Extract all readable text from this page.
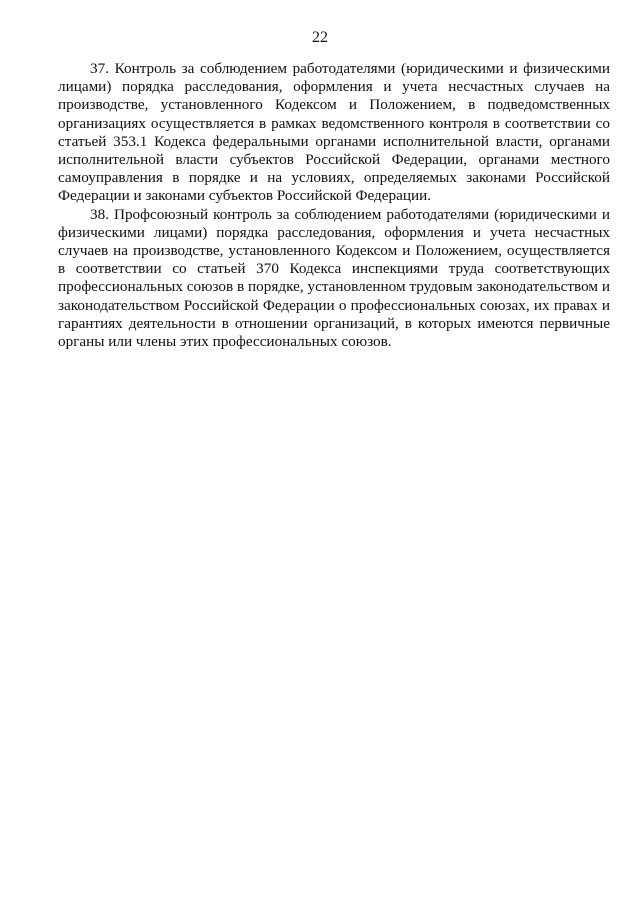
22

37. Контроль за соблюдением работодателями (юридическими и физическими лицами) порядка расследования, оформления и учета несчастных случаев на производстве, установленного Кодексом и Положением, в подведомственных организациях осуществляется в рамках ведомственного контроля в соответствии со статьей 353.1 Кодекса федеральными органами исполнительной власти, органами исполнительной власти субъектов Российской Федерации, органами местного самоуправления в порядке и на условиях, определяемых законами Российской Федерации и законами субъектов Российской Федерации.

38. Профсоюзный контроль за соблюдением работодателями (юридическими и физическими лицами) порядка расследования, оформления и учета несчастных случаев на производстве, установленного Кодексом и Положением, осуществляется в соответствии со статьей 370 Кодекса инспекциями труда соответствующих профессиональных союзов в порядке, установленном трудовым законодательством и законодательством Российской Федерации о профессиональных союзах, их правах и гарантиях деятельности в отношении организаций, в которых имеются первичные органы или члены этих профессиональных союзов.
